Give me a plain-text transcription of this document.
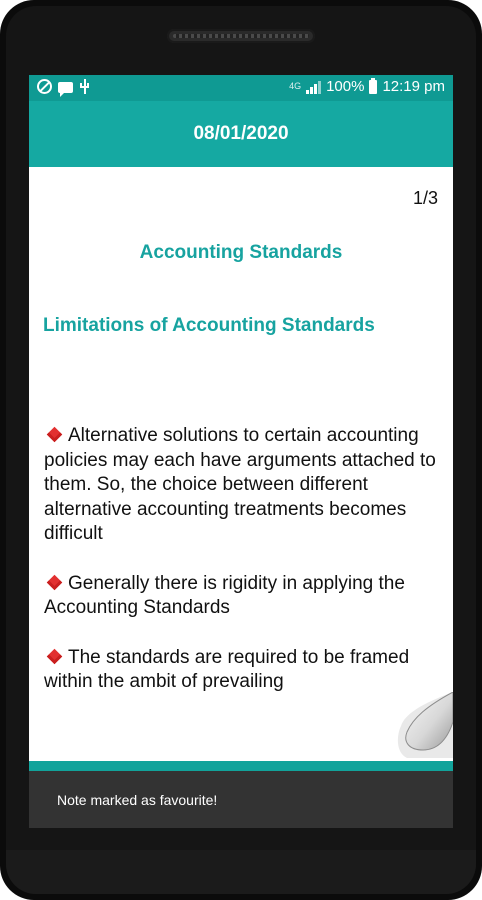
4G 100% 12:19 pm
08/01/2020
1/3
Accounting Standards
Limitations of Accounting Standards

Alternative solutions to certain accounting policies may each have arguments attached to them. So, the choice between different alternative accounting treatments becomes difficult

Generally there is rigidity in applying the Accounting Standards

The standards are required to be framed within the ambit of prevailing

Note marked as favourite!
